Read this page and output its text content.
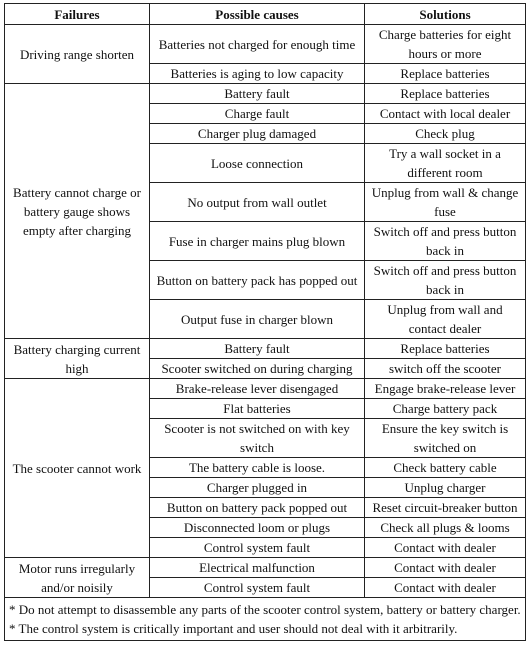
Failures	Possible causes	Solutions
Driving range shorten	Batteries not charged for enough time	Charge batteries for eight hours or more
	Batteries is aging to low capacity	Replace batteries
Battery cannot charge or battery gauge shows empty after charging	Battery fault	Replace batteries
	Charge fault	Contact with local dealer
	Charger plug damaged	Check plug
	Loose connection	Try a wall socket in a different room
	No output from wall outlet	Unplug from wall & change fuse
	Fuse in charger mains plug blown	Switch off and press button back in
	Button on battery pack has popped out	Switch off and press button back in
	Output fuse in charger blown	Unplug from wall and contact dealer
Battery charging current high	Battery fault	Replace batteries
	Scooter switched on during charging	switch off the scooter
The scooter cannot work	Brake-release lever disengaged	Engage brake-release lever
	Flat batteries	Charge battery pack
	Scooter is not switched on with key switch	Ensure the key switch is switched on
	The battery cable is loose.	Check battery cable
	Charger plugged in	Unplug charger
	Button on battery pack popped out	Reset circuit-breaker button
	Disconnected loom or plugs	Check all plugs & looms
	Control system fault	Contact with dealer
Motor runs irregularly and/or noisily	Electrical malfunction	Contact with dealer
	Control system fault	Contact with dealer

* Do not attempt to disassemble any parts of the scooter control system, battery or battery charger.
* The control system is critically important and user should not deal with it arbitrarily.		
